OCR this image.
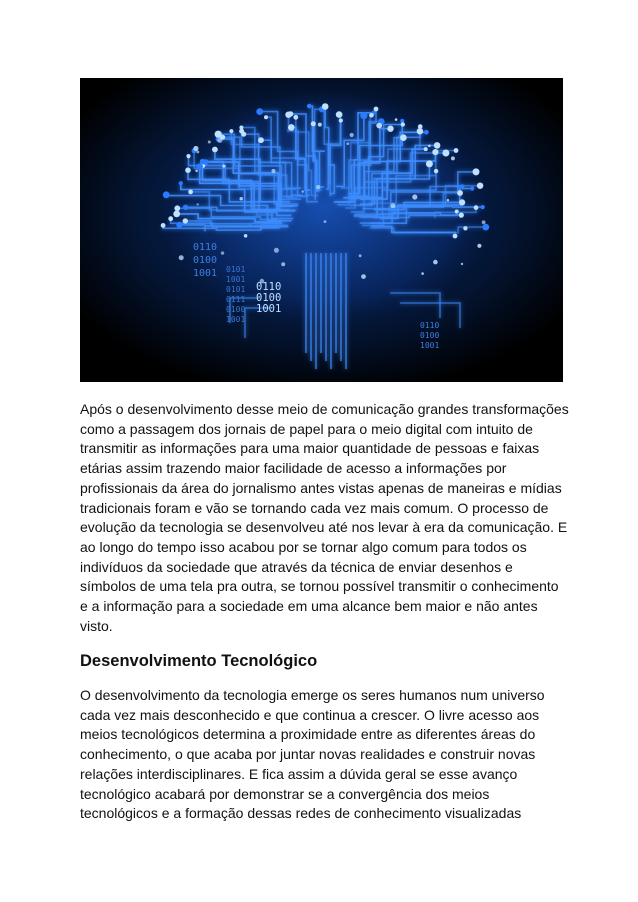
0110
0100
1001 0101
1001
0101
0111
0100
1001
0110
0100
1001
0110
0100
1001

Após o desenvolvimento desse meio de comunicação grandes transformações como a passagem dos jornais de papel para o meio digital com intuito de transmitir as informações para uma maior quantidade de pessoas e faixas etárias assim trazendo maior facilidade de acesso a informações por profissionais da área do jornalismo antes vistas apenas de maneiras e mídias tradicionais foram e vão se tornando cada vez mais comum. O processo de evolução da tecnologia se desenvolveu até nos levar à era da comunicação. E ao longo do tempo isso acabou por se tornar algo comum para todos os indivíduos da sociedade que através da técnica de enviar desenhos e símbolos de uma tela pra outra, se tornou possível transmitir o conhecimento e a informação para a sociedade em uma alcance bem maior e não antes visto.

Desenvolvimento Tecnológico

O desenvolvimento da tecnologia emerge os seres humanos num universo cada vez mais desconhecido e que continua a crescer. O livre acesso aos meios tecnológicos determina a proximidade entre as diferentes áreas do conhecimento, o que acaba por juntar novas realidades e construir novas relações interdisciplinares. E fica assim a dúvida geral se esse avanço tecnológico acabará por demonstrar se a convergência dos meios tecnológicos e a formação dessas redes de conhecimento visualizadas
